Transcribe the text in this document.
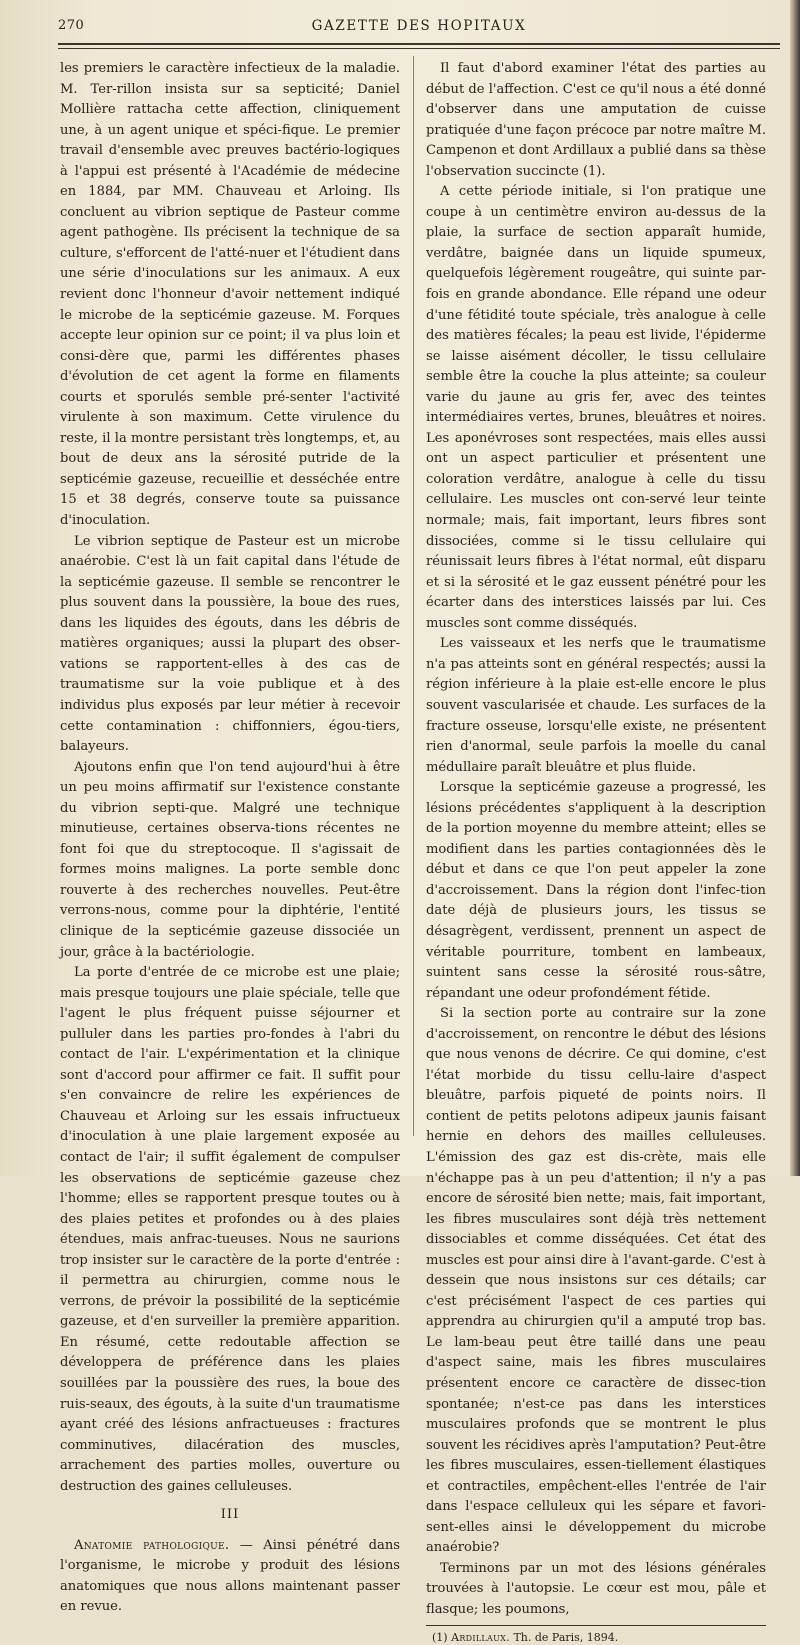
270	GAZETTE DES HOPITAUX

les premiers le caractère infectieux de la maladie. M. Ter-rillon insista sur sa septicité; Daniel Mollière rattacha cette affection, cliniquement une, à un agent unique et spéci-fique. Le premier travail d'ensemble avec preuves bactério-logiques à l'appui est présenté à l'Académie de médecine en 1884, par MM. Chauveau et Arloing. Ils concluent au vibrion septique de Pasteur comme agent pathogène. Ils précisent la technique de sa culture, s'efforcent de l'atté-nuer et l'étudient dans une série d'inoculations sur les animaux. A eux revient donc l'honneur d'avoir nettement indiqué le microbe de la septicémie gazeuse. M. Forques accepte leur opinion sur ce point; il va plus loin et consi-dère que, parmi les différentes phases d'évolution de cet agent la forme en filaments courts et sporulés semble pré-senter l'activité virulente à son maximum. Cette virulence du reste, il la montre persistant très longtemps, et, au bout de deux ans la sérosité putride de la septicémie gazeuse, recueillie et desséchée entre 15 et 38 degrés, conserve toute sa puissance d'inoculation.

Le vibrion septique de Pasteur est un microbe anaérobie. C'est là un fait capital dans l'étude de la septicémie gazeuse. Il semble se rencontrer le plus souvent dans la poussière, la boue des rues, dans les liquides des égouts, dans les débris de matières organiques; aussi la plupart des obser-vations se rapportent-elles à des cas de traumatisme sur la voie publique et à des individus plus exposés par leur métier à recevoir cette contamination : chiffonniers, égou-tiers, balayeurs.

Ajoutons enfin que l'on tend aujourd'hui à être un peu moins affirmatif sur l'existence constante du vibrion septi-que. Malgré une technique minutieuse, certaines observa-tions récentes ne font foi que du streptocoque. Il s'agissait de formes moins malignes. La porte semble donc rouverte à des recherches nouvelles. Peut-être verrons-nous, comme pour la diphtérie, l'entité clinique de la septicémie gazeuse dissociée un jour, grâce à la bactériologie.

La porte d'entrée de ce microbe est une plaie; mais presque toujours une plaie spéciale, telle que l'agent le plus fréquent puisse séjourner et pulluler dans les parties pro-fondes à l'abri du contact de l'air. L'expérimentation et la clinique sont d'accord pour affirmer ce fait. Il suffit pour s'en convaincre de relire les expériences de Chauveau et Arloing sur les essais infructueux d'inoculation à une plaie largement exposée au contact de l'air; il suffit également de compulser les observations de septicémie gazeuse chez l'homme; elles se rapportent presque toutes ou à des plaies petites et profondes ou à des plaies étendues, mais anfrac-tueuses. Nous ne saurions trop insister sur le caractère de la porte d'entrée : il permettra au chirurgien, comme nous le verrons, de prévoir la possibilité de la septicémie gazeuse, et d'en surveiller la première apparition. En résumé, cette redoutable affection se développera de préférence dans les plaies souillées par la poussière des rues, la boue des ruis-seaux, des égouts, à la suite d'un traumatisme ayant créé des lésions anfractueuses : fractures comminutives, dilacération des muscles, arrachement des parties molles, ouverture ou destruction des gaines celluleuses.

III

Anatomie pathologique. — Ainsi pénétré dans l'organisme, le microbe y produit des lésions anatomiques que nous allons maintenant passer en revue.

Il faut d'abord examiner l'état des parties au début de l'affection. C'est ce qu'il nous a été donné d'observer dans une amputation de cuisse pratiquée d'une façon précoce par notre maître M. Campenon et dont Ardillaux a publié dans sa thèse l'observation succincte (1).

A cette période initiale, si l'on pratique une coupe à un centimètre environ au-dessus de la plaie, la surface de section apparaît humide, verdâtre, baignée dans un liquide spumeux, quelquefois légèrement rougeâtre, qui suinte par-fois en grande abondance. Elle répand une odeur d'une fétidité toute spéciale, très analogue à celle des matières fécales; la peau est livide, l'épiderme se laisse aisément décoller, le tissu cellulaire semble être la couche la plus atteinte; sa couleur varie du jaune au gris fer, avec des teintes intermédiaires vertes, brunes, bleuâtres et noires. Les aponévroses sont respectées, mais elles aussi ont un aspect particulier et présentent une coloration verdâtre, analogue à celle du tissu cellulaire. Les muscles ont con-servé leur teinte normale; mais, fait important, leurs fibres sont dissociées, comme si le tissu cellulaire qui réunissait leurs fibres à l'état normal, eût disparu et si la sérosité et le gaz eussent pénétré pour les écarter dans des interstices laissés par lui. Ces muscles sont comme disséqués.

Les vaisseaux et les nerfs que le traumatisme n'a pas atteints sont en général respectés; aussi la région inférieure à la plaie est-elle encore le plus souvent vascularisée et chaude. Les surfaces de la fracture osseuse, lorsqu'elle existe, ne présentent rien d'anormal, seule parfois la moelle du canal médullaire paraît bleuâtre et plus fluide.

Lorsque la septicémie gazeuse a progressé, les lésions précédentes s'appliquent à la description de la portion moyenne du membre atteint; elles se modifient dans les parties contagionnées dès le début et dans ce que l'on peut appeler la zone d'accroissement. Dans la région dont l'infec-tion date déjà de plusieurs jours, les tissus se désagrègent, verdissent, prennent un aspect de véritable pourriture, tombent en lambeaux, suintent sans cesse la sérosité rous-sâtre, répandant une odeur profondément fétide.

Si la section porte au contraire sur la zone d'accroissement, on rencontre le début des lésions que nous venons de décrire. Ce qui domine, c'est l'état morbide du tissu cellu-laire d'aspect bleuâtre, parfois piqueté de points noirs. Il contient de petits pelotons adipeux jaunis faisant hernie en dehors des mailles celluleuses. L'émission des gaz est dis-crète, mais elle n'échappe pas à un peu d'attention; il n'y a pas encore de sérosité bien nette; mais, fait important, les fibres musculaires sont déjà très nettement dissociables et comme disséquées. Cet état des muscles est pour ainsi dire à l'avant-garde. C'est à dessein que nous insistons sur ces détails; car c'est précisément l'aspect de ces parties qui apprendra au chirurgien qu'il a amputé trop bas. Le lam-beau peut être taillé dans une peau d'aspect saine, mais les fibres musculaires présentent encore ce caractère de dissec-tion spontanée; n'est-ce pas dans les interstices musculaires profonds que se montrent le plus souvent les récidives après l'amputation? Peut-être les fibres musculaires, essen-tiellement élastiques et contractiles, empêchent-elles l'entrée de l'air dans l'espace celluleux qui les sépare et favori-sent-elles ainsi le développement du microbe anaérobie?

Terminons par un mot des lésions générales trouvées à l'autopsie. Le cœur est mou, pâle et flasque; les poumons,

(1) Ardillaux. Th. de Paris, 1894.
